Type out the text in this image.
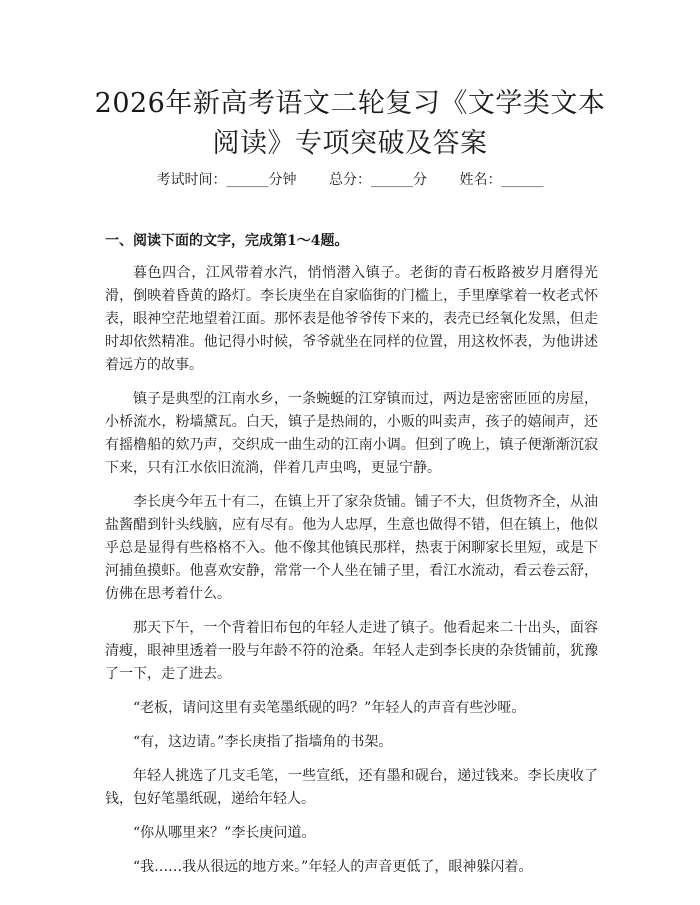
2026年新高考语文二轮复习《文学类文本阅读》专项突破及答案
考试时间：______分钟 总分：______分 姓名：______
一、阅读下面的文字，完成第1～4题。

暮色四合，江风带着水汽，悄悄潜入镇子。老街的青石板路被岁月磨得光滑，倒映着昏黄的路灯。李长庚坐在自家临街的门槛上，手里摩挲着一枚老式怀表，眼神空茫地望着江面。那怀表是他爷爷传下来的，表壳已经氧化发黑，但走时却依然精准。他记得小时候，爷爷就坐在同样的位置，用这枚怀表，为他讲述着远方的故事。

镇子是典型的江南水乡，一条蜿蜒的江穿镇而过，两边是密密匝匝的房屋，小桥流水，粉墙黛瓦。白天，镇子是热闹的，小贩的叫卖声，孩子的嬉闹声，还有摇橹船的欸乃声，交织成一曲生动的江南小调。但到了晚上，镇子便渐渐沉寂下来，只有江水依旧流淌，伴着几声虫鸣，更显宁静。

李长庚今年五十有二，在镇上开了家杂货铺。铺子不大，但货物齐全，从油盐酱醋到针头线脑，应有尽有。他为人忠厚，生意也做得不错，但在镇上，他似乎总是显得有些格格不入。他不像其他镇民那样，热衷于闲聊家长里短，或是下河捕鱼摸虾。他喜欢安静，常常一个人坐在铺子里，看江水流动，看云卷云舒，仿佛在思考着什么。

那天下午，一个背着旧布包的年轻人走进了镇子。他看起来二十出头，面容清瘦，眼神里透着一股与年龄不符的沧桑。年轻人走到李长庚的杂货铺前，犹豫了一下，走了进去。

“老板，请问这里有卖笔墨纸砚的吗？”年轻人的声音有些沙哑。

“有，这边请。”李长庚指了指墙角的书架。

年轻人挑选了几支毛笔，一些宣纸，还有墨和砚台，递过钱来。李长庚收了钱，包好笔墨纸砚，递给年轻人。

“你从哪里来？”李长庚问道。

“我……我从很远的地方来。”年轻人的声音更低了，眼神躲闪着。
